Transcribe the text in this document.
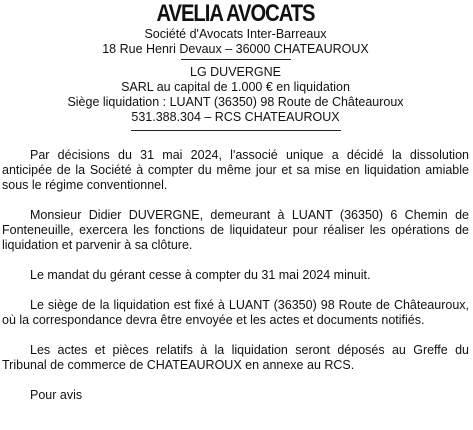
AVELIA AVOCATS
Société d'Avocats Inter-Barreaux
18 Rue Henri Devaux – 36000 CHATEAUROUX
LG DUVERGNE
SARL au capital de 1.000 € en liquidation
Siège liquidation : LUANT (36350) 98 Route de Châteauroux
531.388.304 – RCS CHATEAUROUX

Par décisions du 31 mai 2024, l'associé unique a décidé la dissolution anticipée de la Société à compter du même jour et sa mise en liquidation amiable sous le régime conventionnel.

Monsieur Didier DUVERGNE, demeurant à LUANT (36350) 6 Chemin de Fonteneuille, exercera les fonctions de liquidateur pour réaliser les opérations de liquidation et parvenir à sa clôture.

Le mandat du gérant cesse à compter du 31 mai 2024 minuit.

Le siège de la liquidation est fixé à LUANT (36350) 98 Route de Châteauroux, où la correspondance devra être envoyée et les actes et documents notifiés.

Les actes et pièces relatifs à la liquidation seront déposés au Greffe du Tribunal de commerce de CHATEAUROUX en annexe au RCS.

Pour avis
